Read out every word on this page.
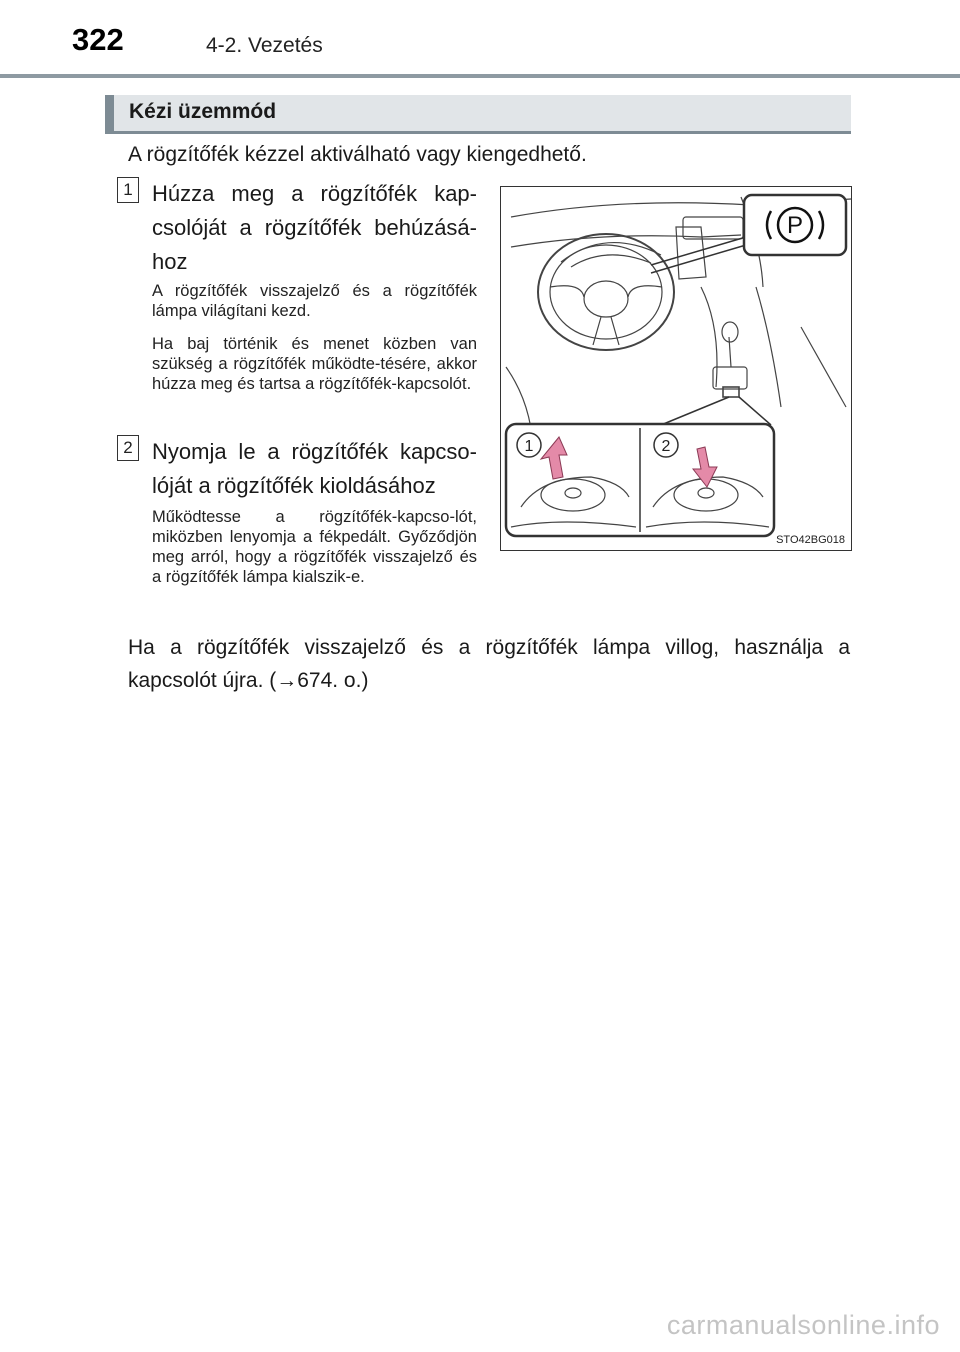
322	4-2. Vezetés
Kézi üzemmód
A rögzítőfék kézzel aktiválható vagy kiengedhető.
1 Húzza meg a rögzítőfék kap-csolóját a rögzítőfék behúzásá-hoz
A rögzítőfék visszajelző és a rögzítőfék lámpa világítani kezd.
Ha baj történik és menet közben van szükség a rögzítőfék működte-tésére, akkor húzza meg és tartsa a rögzítőfék-kapcsolót.
2 Nyomja le a rögzítőfék kapcso-lóját a rögzítőfék kioldásához
Működtesse a rögzítőfék-kapcso-lót, miközben lenyomja a fékpedált. Győződjön meg arról, hogy a rögzítőfék visszajelző és a rögzítőfék lámpa kialszik-e.
P
1	2
STO42BG018
Ha a rögzítőfék visszajelző és a rögzítőfék lámpa villog, használja a kapcsolót újra. (→674. o.)
carmanualsonline.info
